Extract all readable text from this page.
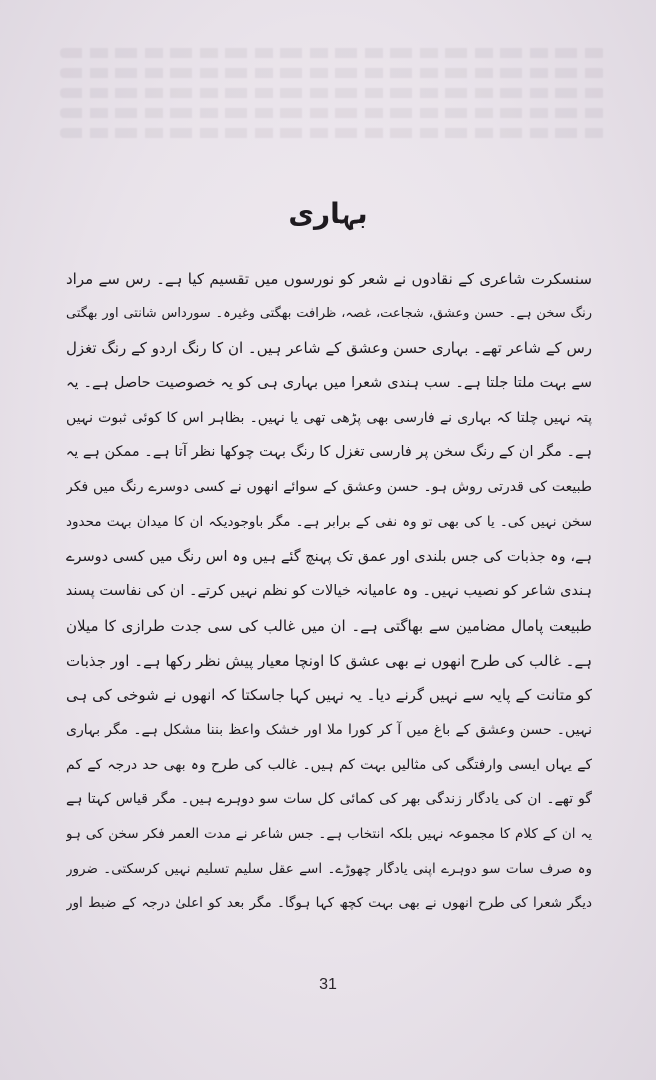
بہاری
سنسکرت شاعری کے نقادوں نے شعر کو نورسوں میں تقسیم کیا ہے۔ رس سے مراد
رنگ سخن ہے۔ حسن وعشق، شجاعت، غصہ، ظرافت بھگتی وغیرہ۔ سورداس شانتی اور بھگتی
رس کے شاعر تھے۔ بہاری حسن وعشق کے شاعر ہیں۔ ان کا رنگ اردو کے رنگ تغزل
سے بہت ملتا جلتا ہے۔ سب ہندی شعرا میں بہاری ہی کو یہ خصوصیت حاصل ہے۔ یہ
پتہ نہیں چلتا کہ بہاری نے فارسی بھی پڑھی تھی یا نہیں۔ بظاہر اس کا کوئی ثبوت نہیں
ہے۔ مگر ان کے رنگ سخن پر فارسی تغزل کا رنگ بہت چوکھا نظر آتا ہے۔ ممکن ہے یہ
طبیعت کی قدرتی روش ہو۔ حسن وعشق کے سوائے انھوں نے کسی دوسرے رنگ میں فکر
سخن نہیں کی۔ یا کی بھی تو وہ نفی کے برابر ہے۔ مگر باوجودیکہ ان کا میدان بہت محدود
ہے، وہ جذبات کی جس بلندی اور عمق تک پہنچ گئے ہیں وہ اس رنگ میں کسی دوسرے
ہندی شاعر کو نصیب نہیں۔ وہ عامیانہ خیالات کو نظم نہیں کرتے۔ ان کی نفاست پسند
طبیعت پامال مضامین سے بھاگتی ہے۔ ان میں غالب کی سی جدت طرازی کا میلان
ہے۔ غالب کی طرح انھوں نے بھی عشق کا اونچا معیار پیش نظر رکھا ہے۔ اور جذبات
کو متانت کے پایہ سے نہیں گرنے دیا۔ یہ نہیں کہا جاسکتا کہ انھوں نے شوخی کی ہی
نہیں۔ حسن وعشق کے باغ میں آ کر کورا ملا اور خشک واعظ بننا مشکل ہے۔ مگر بہاری
کے یہاں ایسی وارفتگی کی مثالیں بہت کم ہیں۔ غالب کی طرح وہ بھی حد درجہ کے کم
گو تھے۔ ان کی یادگار زندگی بھر کی کمائی کل سات سو دوہرے ہیں۔ مگر قیاس کہتا ہے
یہ ان کے کلام کا مجموعہ نہیں بلکہ انتخاب ہے۔ جس شاعر نے مدت العمر فکر سخن کی ہو
وہ صرف سات سو دوہرے اپنی یادگار چھوڑے۔ اسے عقل سلیم تسلیم نہیں کرسکتی۔ ضرور
دیگر شعرا کی طرح انھوں نے بھی بہت کچھ کہا ہوگا۔ مگر بعد کو اعلیٰ درجہ کے ضبط اور
31
